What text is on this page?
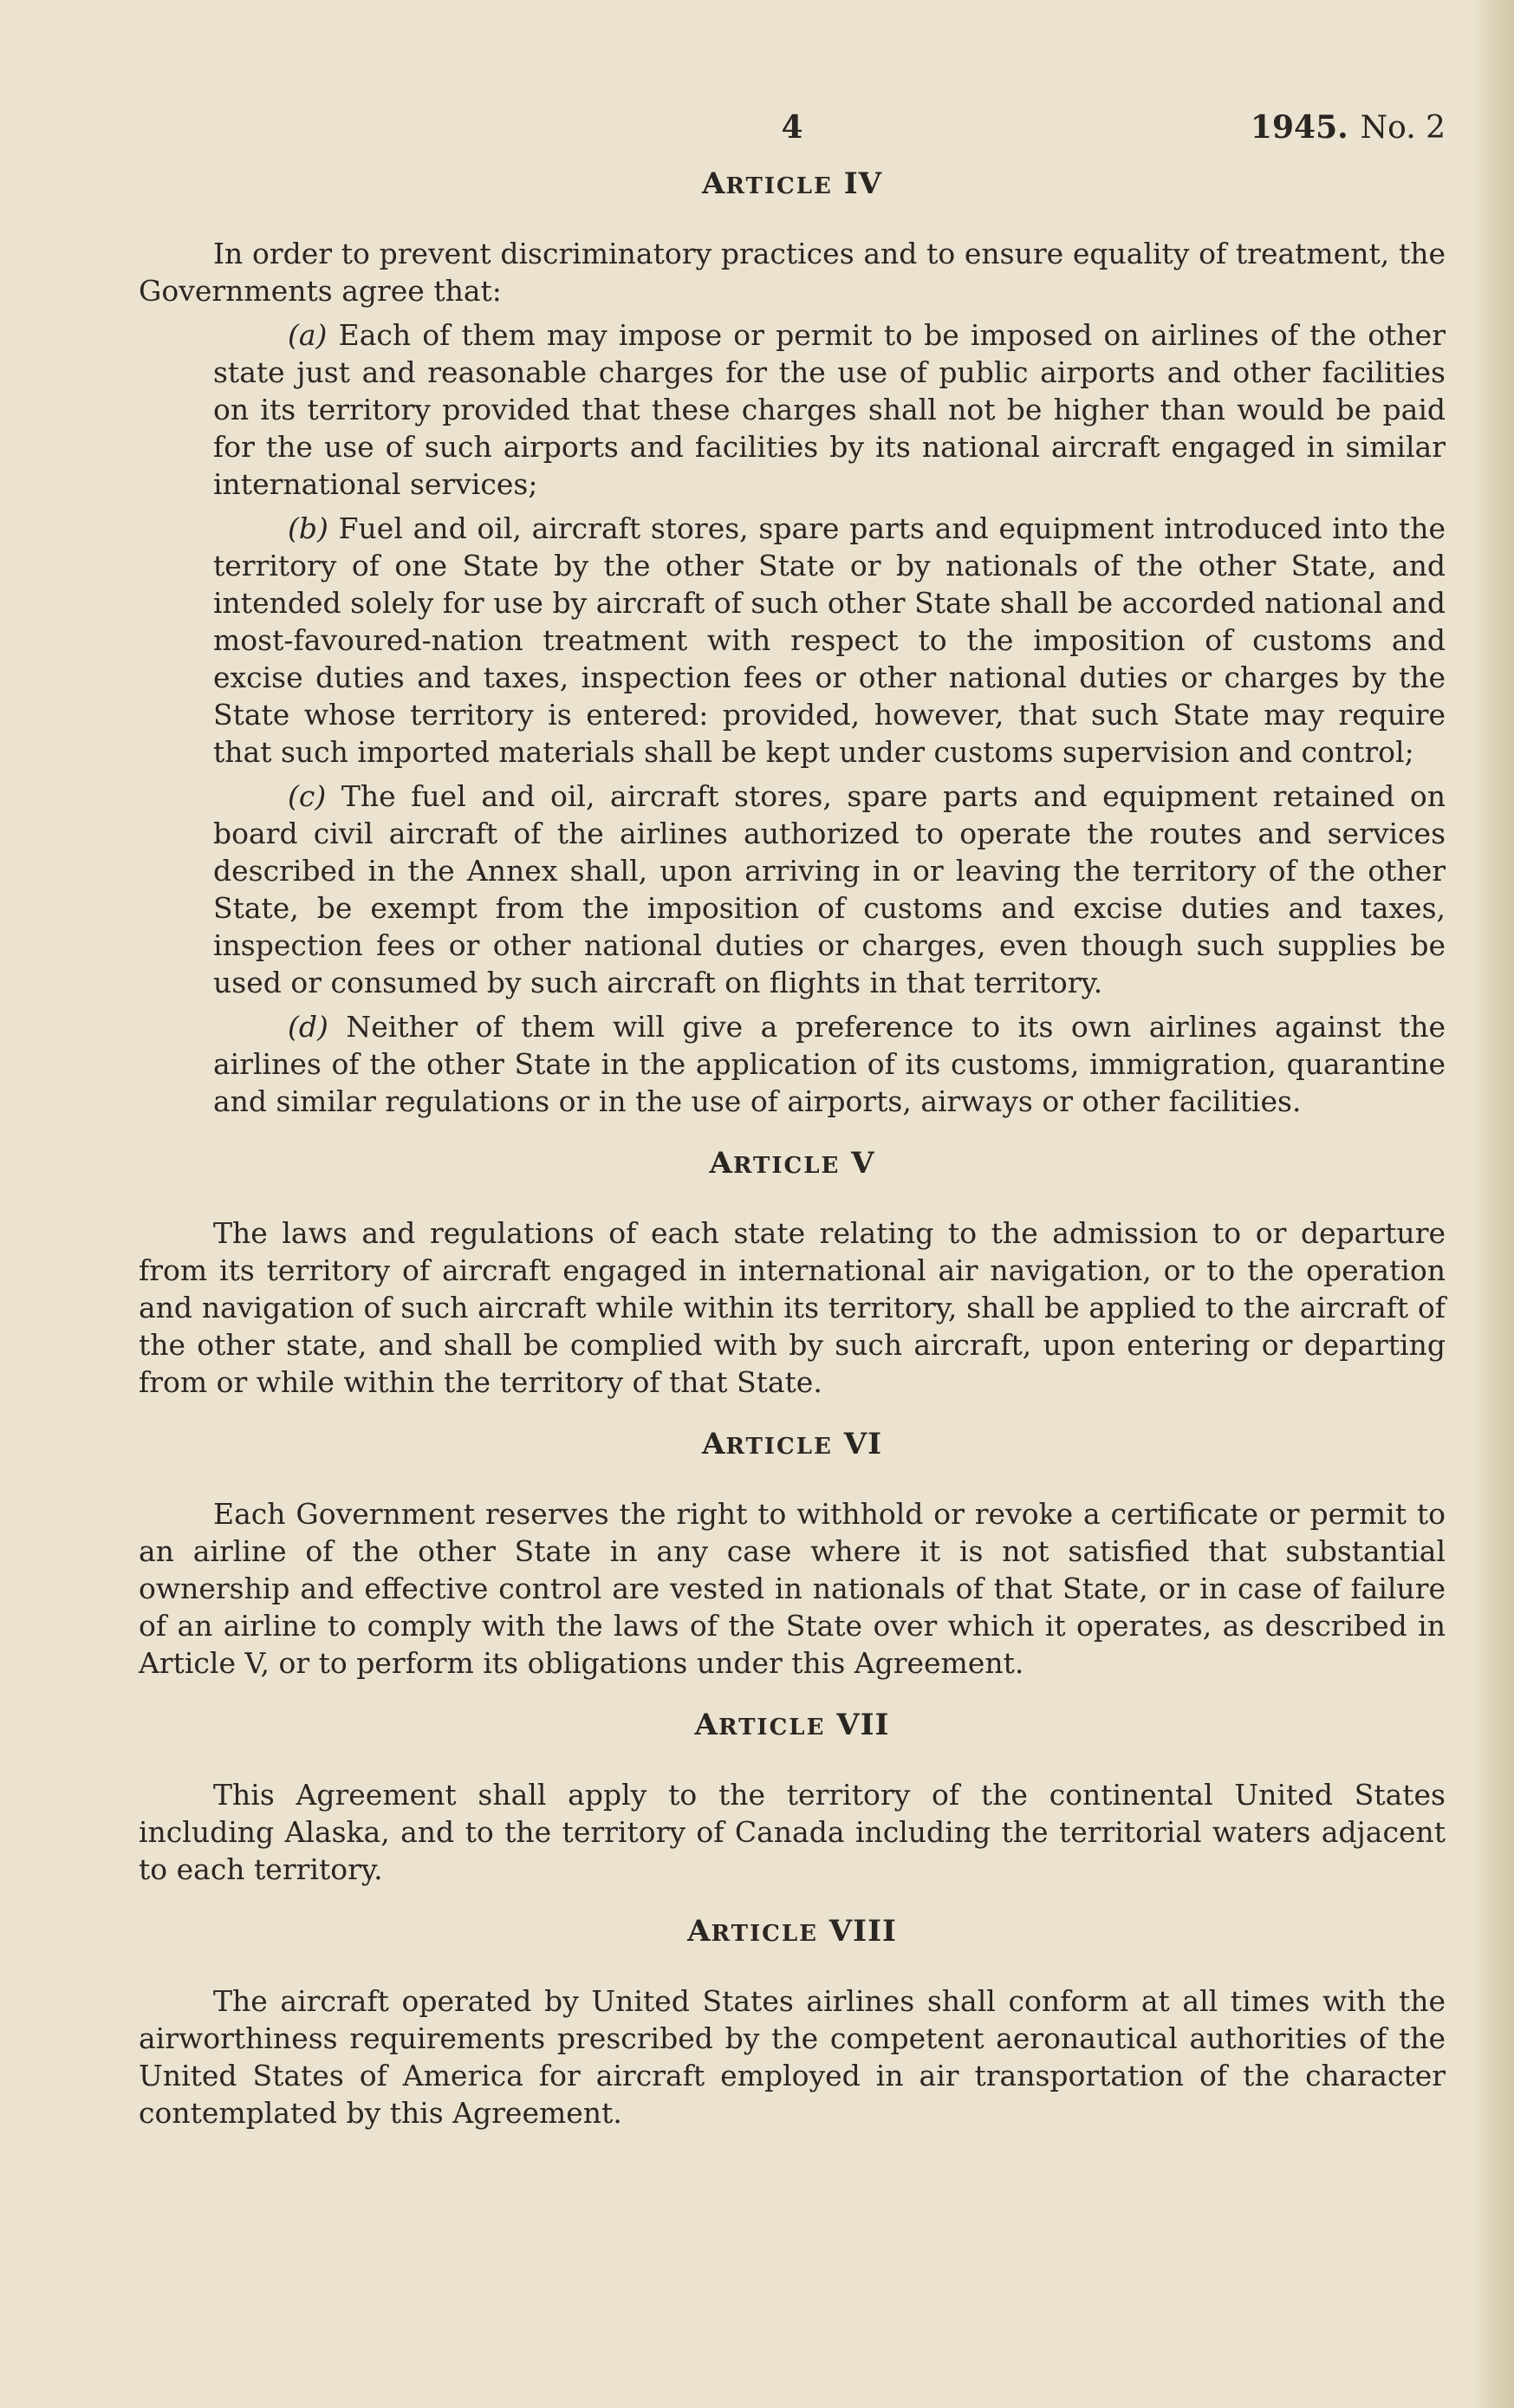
4	1945. No. 2
ARTICLE IV

In order to prevent discriminatory practices and to ensure equality of treatment, the Governments agree that:

(a) Each of them may impose or permit to be imposed on airlines of the other state just and reasonable charges for the use of public airports and other facilities on its territory provided that these charges shall not be higher than would be paid for the use of such airports and facilities by its national aircraft engaged in similar international services;

(b) Fuel and oil, aircraft stores, spare parts and equipment introduced into the territory of one State by the other State or by nationals of the other State, and intended solely for use by aircraft of such other State shall be accorded national and most-favoured-nation treatment with respect to the imposition of customs and excise duties and taxes, inspection fees or other national duties or charges by the State whose territory is entered: provided, however, that such State may require that such imported materials shall be kept under customs supervision and control;

(c) The fuel and oil, aircraft stores, spare parts and equipment retained on board civil aircraft of the airlines authorized to operate the routes and services described in the Annex shall, upon arriving in or leaving the territory of the other State, be exempt from the imposition of customs and excise duties and taxes, inspection fees or other national duties or charges, even though such supplies be used or consumed by such aircraft on flights in that territory.

(d) Neither of them will give a preference to its own airlines against the airlines of the other State in the application of its customs, immigration, quarantine and similar regulations or in the use of airports, airways or other facilities.

ARTICLE V

The laws and regulations of each state relating to the admission to or departure from its territory of aircraft engaged in international air navigation, or to the operation and navigation of such aircraft while within its territory, shall be applied to the aircraft of the other state, and shall be complied with by such aircraft, upon entering or departing from or while within the territory of that State.

ARTICLE VI

Each Government reserves the right to withhold or revoke a certificate or permit to an airline of the other State in any case where it is not satisfied that substantial ownership and effective control are vested in nationals of that State, or in case of failure of an airline to comply with the laws of the State over which it operates, as described in Article V, or to perform its obligations under this Agreement.

ARTICLE VII

This Agreement shall apply to the territory of the continental United States including Alaska, and to the territory of Canada including the territorial waters adjacent to each territory.

ARTICLE VIII

The aircraft operated by United States airlines shall conform at all times with the airworthiness requirements prescribed by the competent aeronautical authorities of the United States of America for aircraft employed in air transportation of the character contemplated by this Agreement.
